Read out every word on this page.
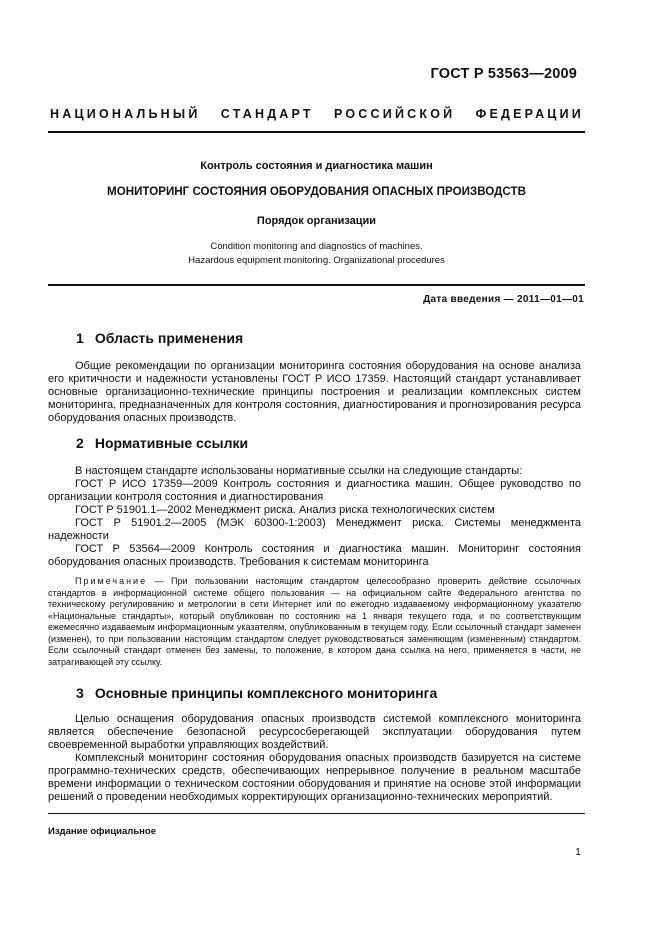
ГОСТ Р 53563—2009
НАЦИОНАЛЬНЫЙ СТАНДАРТ РОССИЙСКОЙ ФЕДЕРАЦИИ
Контроль состояния и диагностика машин
МОНИТОРИНГ СОСТОЯНИЯ ОБОРУДОВАНИЯ ОПАСНЫХ ПРОИЗВОДСТВ
Порядок организации
Condition monitoring and diagnostics of machines.
Hazardous equipment monitoring. Organizational procedures
Дата введения — 2011—01—01
1 Область применения

Общие рекомендации по организации мониторинга состояния оборудования на основе анализа его критичности и надежности установлены ГОСТ Р ИСО 17359. Настоящий стандарт устанавливает основные организационно-технические принципы построения и реализации комплексных систем мониторинга, предназначенных для контроля состояния, диагностирования и прогнозирования ресурса оборудования опасных производств.

2 Нормативные ссылки

В настоящем стандарте использованы нормативные ссылки на следующие стандарты:

ГОСТ Р ИСО 17359—2009 Контроль состояния и диагностика машин. Общее руководство по организации контроля состояния и диагностирования

ГОСТ Р 51901.1—2002 Менеджмент риска. Анализ риска технологических систем

ГОСТ Р 51901.2—2005 (МЭК 60300-1:2003) Менеджмент риска. Системы менеджмента надежности

ГОСТ Р 53564—2009 Контроль состояния и диагностика машин. Мониторинг состояния оборудования опасных производств. Требования к системам мониторинга

Примечание — При пользовании настоящим стандартом целесообразно проверить действие ссылочных стандартов в информационной системе общего пользования — на официальном сайте Федерального агентства по техническому регулированию и метрологии в сети Интернет или по ежегодно издаваемому информационному указателю «Национальные стандарты», который опубликован по состоянию на 1 января текущего года, и по соответствующим ежемесячно издаваемым информационным указателям, опубликованным в текущем году. Если ссылочный стандарт заменен (изменен), то при пользовании настоящим стандартом следует руководствоваться заменяющим (измененным) стандартом. Если ссылочный стандарт отменен без замены, то положение, в котором дана ссылка на него, применяется в части, не затрагивающей эту ссылку.

3 Основные принципы комплексного мониторинга

Целью оснащения оборудования опасных производств системой комплексного мониторинга является обеспечение безопасной ресурсосберегающей эксплуатации оборудования путем своевременной выработки управляющих воздействий.

Комплексный мониторинг состояния оборудования опасных производств базируется на системе программно-технических средств, обеспечивающих непрерывное получение в реальном масштабе времени информации о техническом состоянии оборудования и принятие на основе этой информации решений о проведении необходимых корректирующих организационно-технических мероприятий.

Издание официальное
1
